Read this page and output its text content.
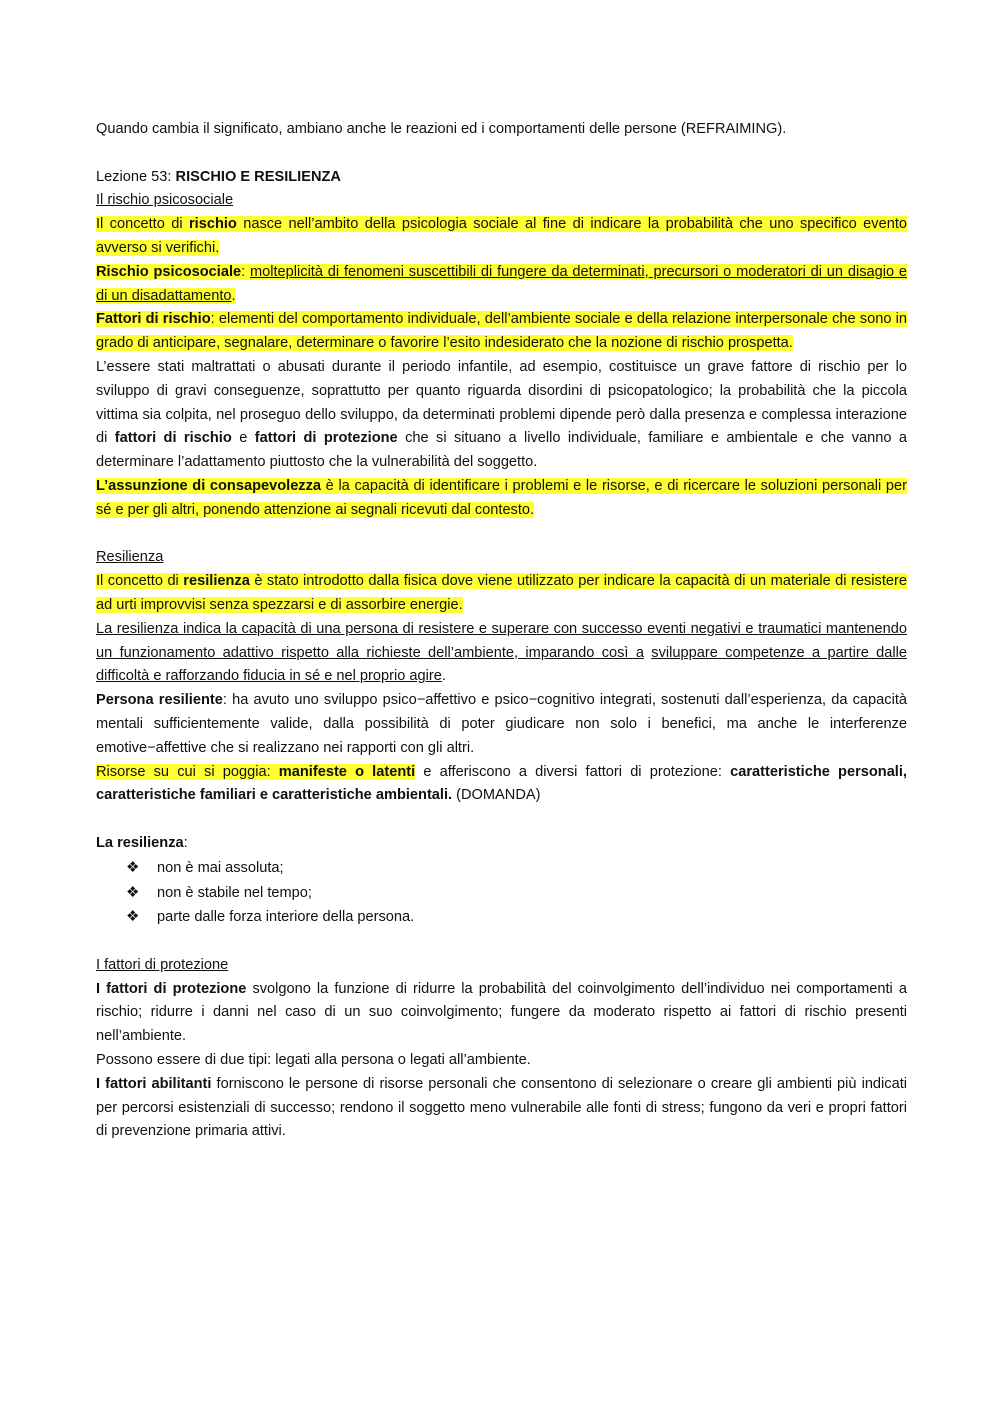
Quando cambia il significato, ambiano anche le reazioni ed i comportamenti delle persone (REFRAIMING).

Lezione 53: RISCHIO E RESILIENZA

Il rischio psicosociale

Il concetto di rischio nasce nell’ambito della psicologia sociale al fine di indicare la probabilità che uno specifico evento avverso si verifichi.

Rischio psicosociale: molteplicità di fenomeni suscettibili di fungere da determinati, precursori o moderatori di un disagio e di un disadattamento.

Fattori di rischio: elementi del comportamento individuale, dell’ambiente sociale e della relazione interpersonale che sono in grado di anticipare, segnalare, determinare o favorire l’esito indesiderato che la nozione di rischio prospetta.

L’essere stati maltrattati o abusati durante il periodo infantile, ad esempio, costituisce un grave fattore di rischio per lo sviluppo di gravi conseguenze, soprattutto per quanto riguarda disordini di psicopatologico; la probabilità che la piccola vittima sia colpita, nel proseguo dello sviluppo, da determinati problemi dipende però dalla presenza e complessa interazione di fattori di rischio e fattori di protezione che si situano a livello individuale, familiare e ambientale e che vanno a determinare l’adattamento piuttosto che la vulnerabilità del soggetto.

L’assunzione di consapevolezza è la capacità di identificare i problemi e le risorse, e di ricercare le soluzioni personali per sé e per gli altri, ponendo attenzione ai segnali ricevuti dal contesto.

Resilienza

Il concetto di resilienza è stato introdotto dalla fisica dove viene utilizzato per indicare la capacità di un materiale di resistere ad urti improvvisi senza spezzarsi e di assorbire energie.

La resilienza indica la capacità di una persona di resistere e superare con successo eventi negativi e traumatici mantenendo un funzionamento adattivo rispetto alla richieste dell’ambiente, imparando così a sviluppare competenze a partire dalle difficoltà e rafforzando fiducia in sé e nel proprio agire.

Persona resiliente: ha avuto uno sviluppo psico−affettivo e psico−cognitivo integrati, sostenuti dall’esperienza, da capacità mentali sufficientemente valide, dalla possibilità di poter giudicare non solo i benefici, ma anche le interferenze emotive−affettive che si realizzano nei rapporti con gli altri.

Risorse su cui si poggia: manifeste o latenti e afferiscono a diversi fattori di protezione: caratteristiche personali, caratteristiche familiari e caratteristiche ambientali. (DOMANDA)

La resilienza:

❖	non è mai assoluta;
❖	non è stabile nel tempo;
❖	parte dalle forza interiore della persona.

I fattori di protezione

I fattori di protezione svolgono la funzione di ridurre la probabilità del coinvolgimento dell’individuo nei comportamenti a rischio; ridurre i danni nel caso di un suo coinvolgimento; fungere da moderato rispetto ai fattori di rischio presenti nell’ambiente.

Possono essere di due tipi: legati alla persona o legati all’ambiente.

I fattori abilitanti forniscono le persone di risorse personali che consentono di selezionare o creare gli ambienti più indicati per percorsi esistenziali di successo; rendono il soggetto meno vulnerabile alle fonti di stress; fungono da veri e propri fattori di prevenzione primaria attivi.
